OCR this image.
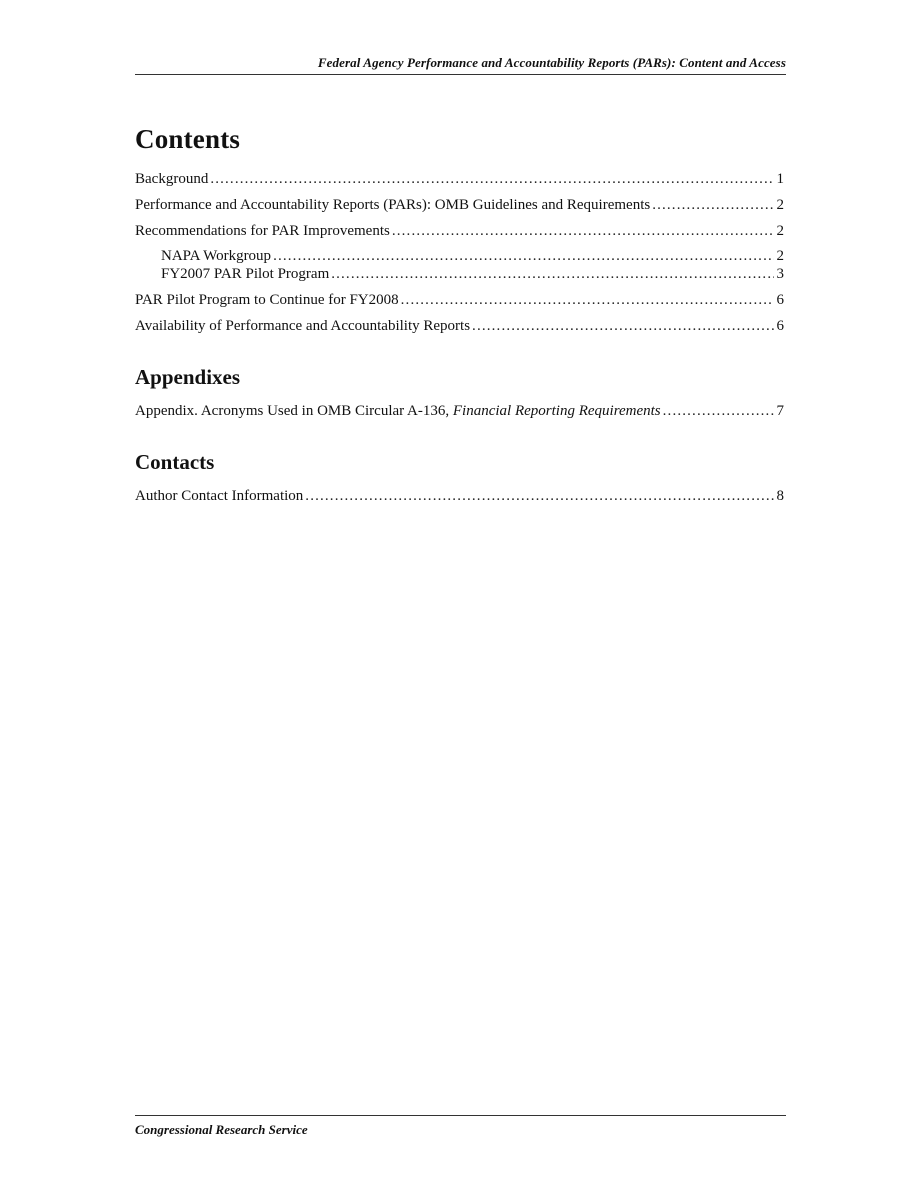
Federal Agency Performance and Accountability Reports (PARs): Content and Access
Contents
Background . . .	1
Performance and Accountability Reports (PARs): OMB Guidelines and Requirements . . .	2
Recommendations for PAR Improvements . . .	2
NAPA Workgroup . . .	2
FY2007 PAR Pilot Program . . .	3
PAR Pilot Program to Continue for FY2008 . . .	6
Availability of Performance and Accountability Reports . . .	6
Appendixes
Appendix. Acronyms Used in OMB Circular A-136, Financial Reporting Requirements . . .	7
Contacts
Author Contact Information . . .	8
Congressional Research Service
